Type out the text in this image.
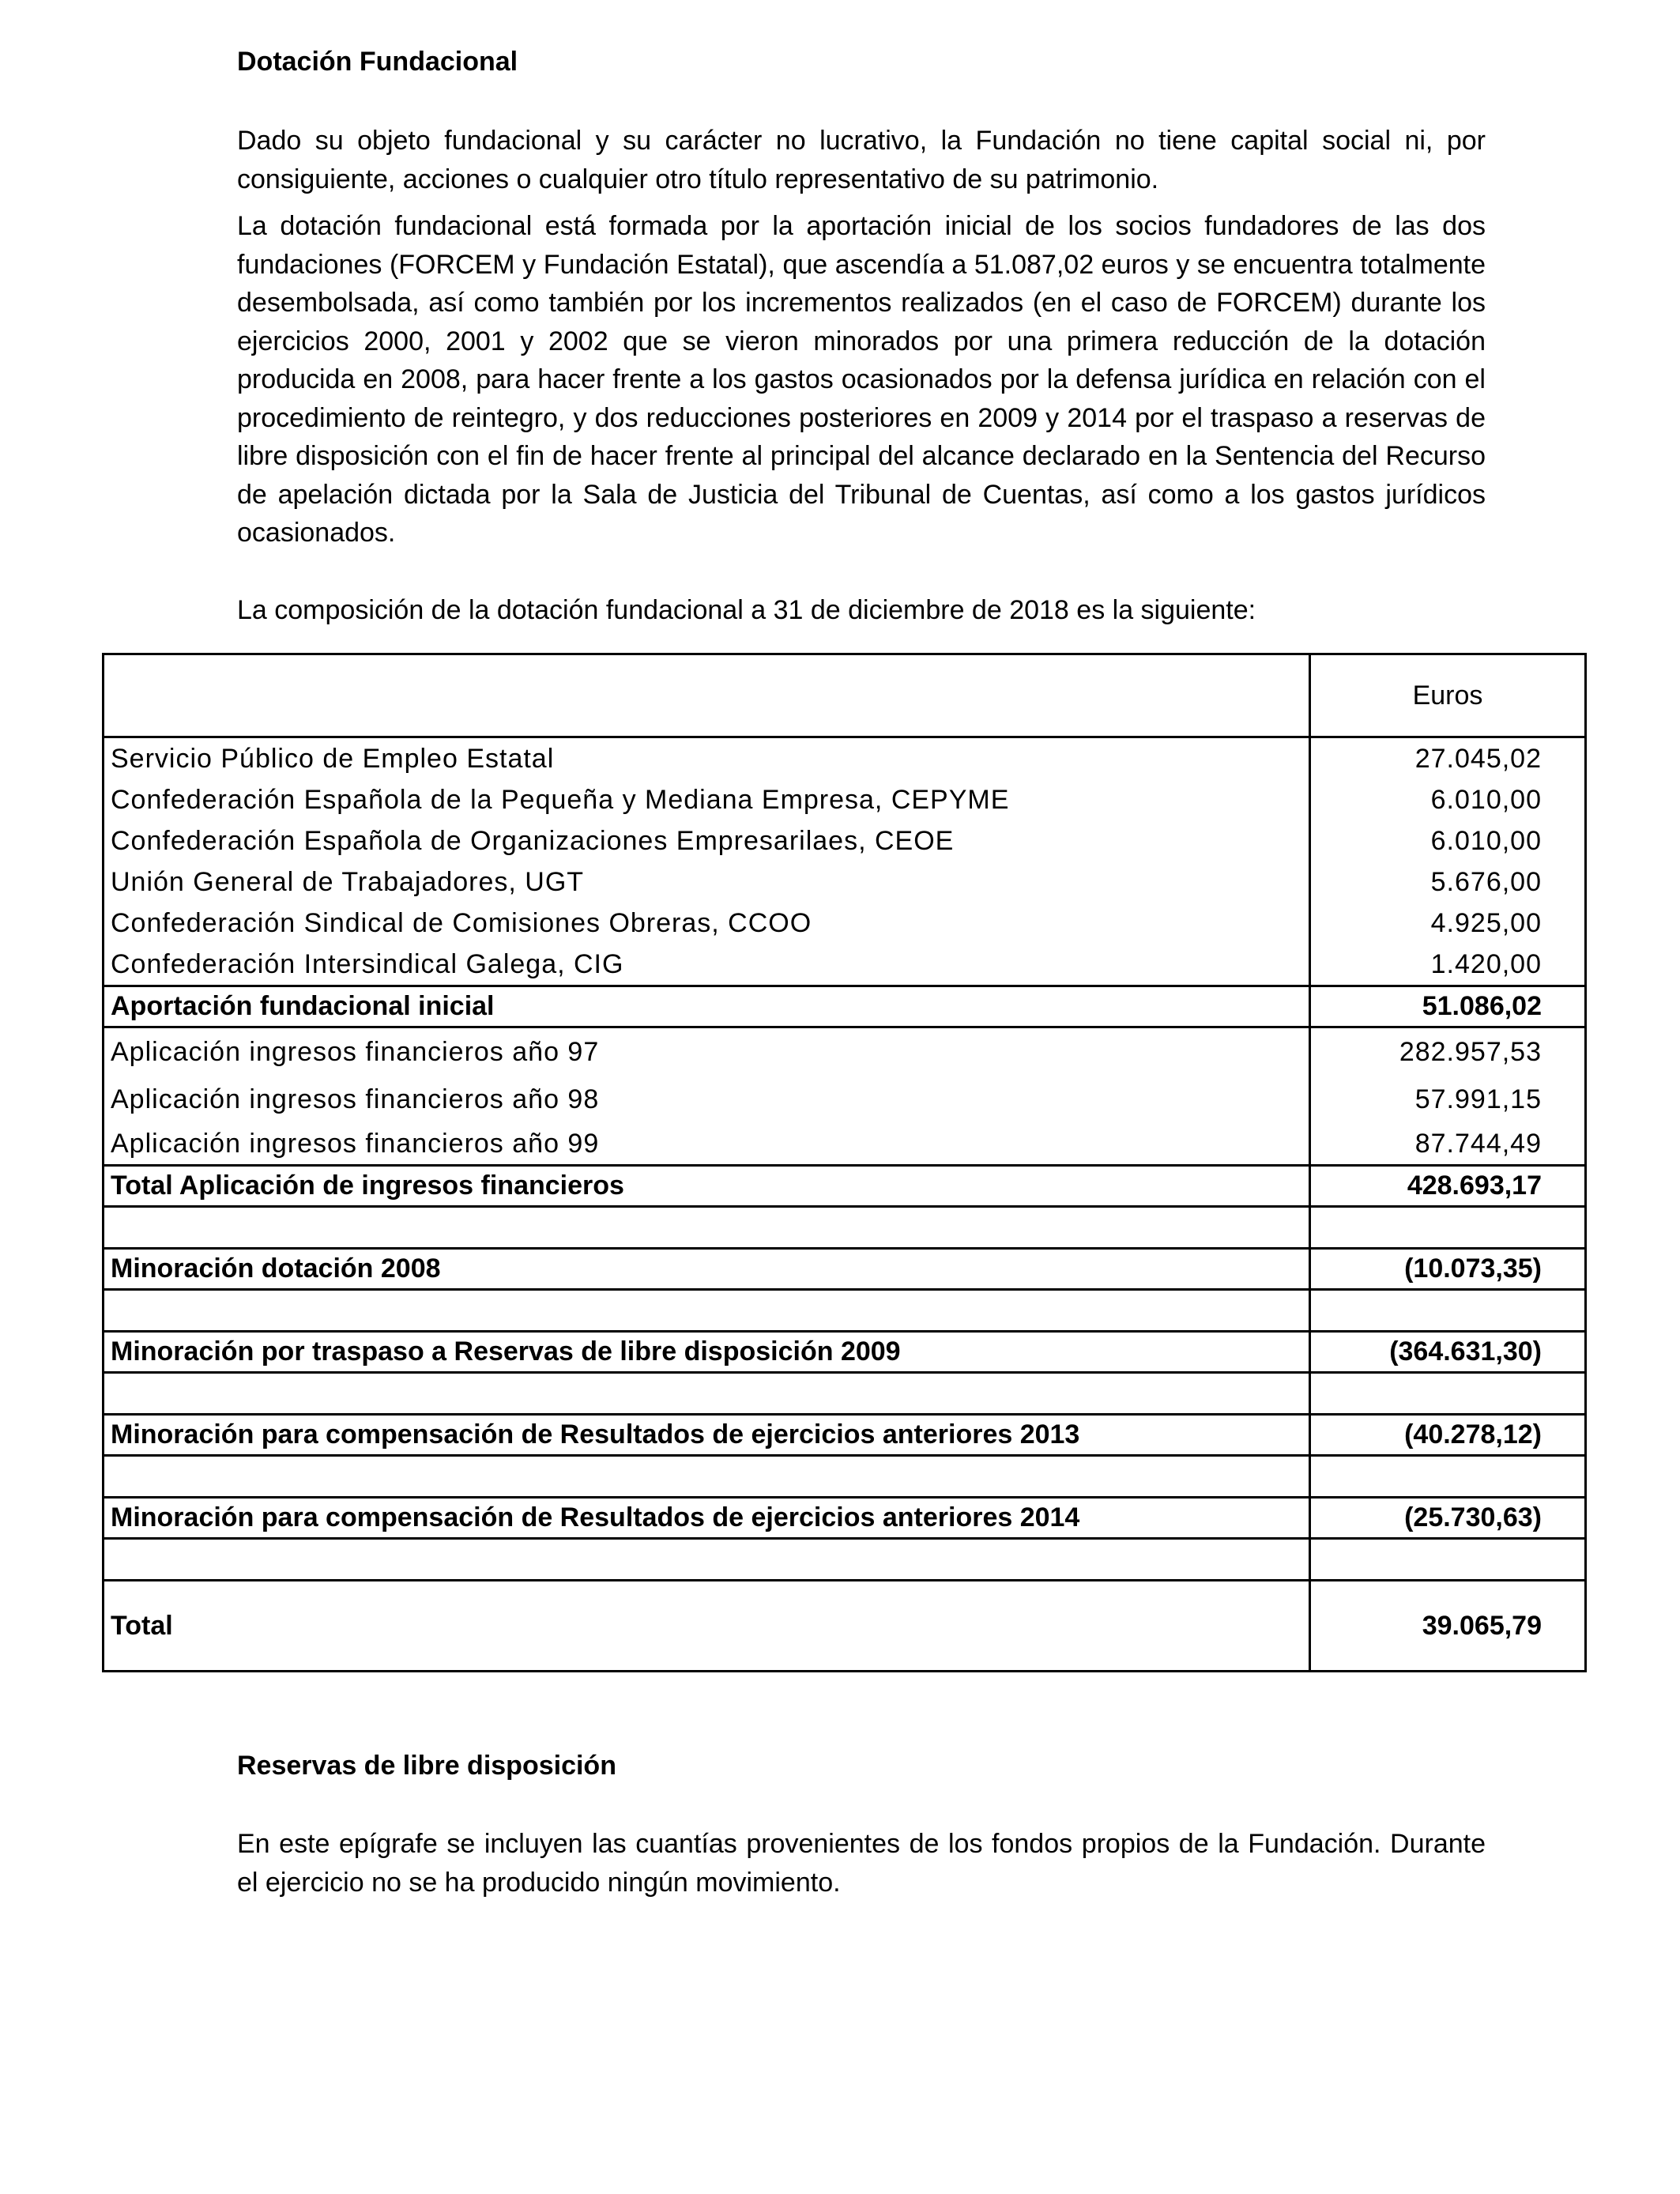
Dotación Fundacional

Dado su objeto fundacional y su carácter no lucrativo, la Fundación no tiene capital social ni, por consiguiente, acciones o cualquier otro título representativo de su patrimonio.

La dotación fundacional está formada por la aportación inicial de los socios fundadores de las dos fundaciones (FORCEM y Fundación Estatal), que ascendía a 51.087,02 euros y se encuentra totalmente desembolsada, así como también por los incrementos realizados (en el caso de FORCEM) durante los ejercicios 2000, 2001 y 2002 que se vieron minorados por una primera reducción de la dotación producida en 2008, para hacer frente a los gastos ocasionados por la defensa jurídica en relación con el procedimiento de reintegro, y dos reducciones posteriores en 2009 y 2014 por el traspaso a reservas de libre disposición con el fin de hacer frente al principal del alcance declarado en la Sentencia del Recurso de apelación dictada por la Sala de Justicia del Tribunal de Cuentas, así como a los gastos jurídicos ocasionados.

La composición de la dotación fundacional a 31 de diciembre de 2018 es la siguiente:

	Euros
Servicio Público de Empleo Estatal	27.045,02
Confederación Española de la Pequeña y Mediana Empresa, CEPYME	6.010,00
Confederación Española de Organizaciones Empresarilaes, CEOE	6.010,00
Unión General de Trabajadores, UGT	5.676,00
Confederación Sindical de Comisiones Obreras, CCOO	4.925,00
Confederación Intersindical Galega, CIG	1.420,00
Aportación fundacional inicial	51.086,02
Aplicación ingresos financieros año 97	282.957,53
Aplicación ingresos financieros año 98	57.991,15
Aplicación ingresos financieros año 99	87.744,49
Total Aplicación de ingresos financieros	428.693,17

Minoración dotación 2008	(10.073,35)

Minoración por traspaso a Reservas de libre disposición 2009	(364.631,30)

Minoración para compensación de Resultados de ejercicios anteriores 2013	(40.278,12)

Minoración para compensación de Resultados de ejercicios anteriores 2014	(25.730,63)

Total	39.065,79
Reservas de libre disposición

En este epígrafe se incluyen las cuantías provenientes de los fondos propios de la Fundación. Durante el ejercicio no se ha producido ningún movimiento.
